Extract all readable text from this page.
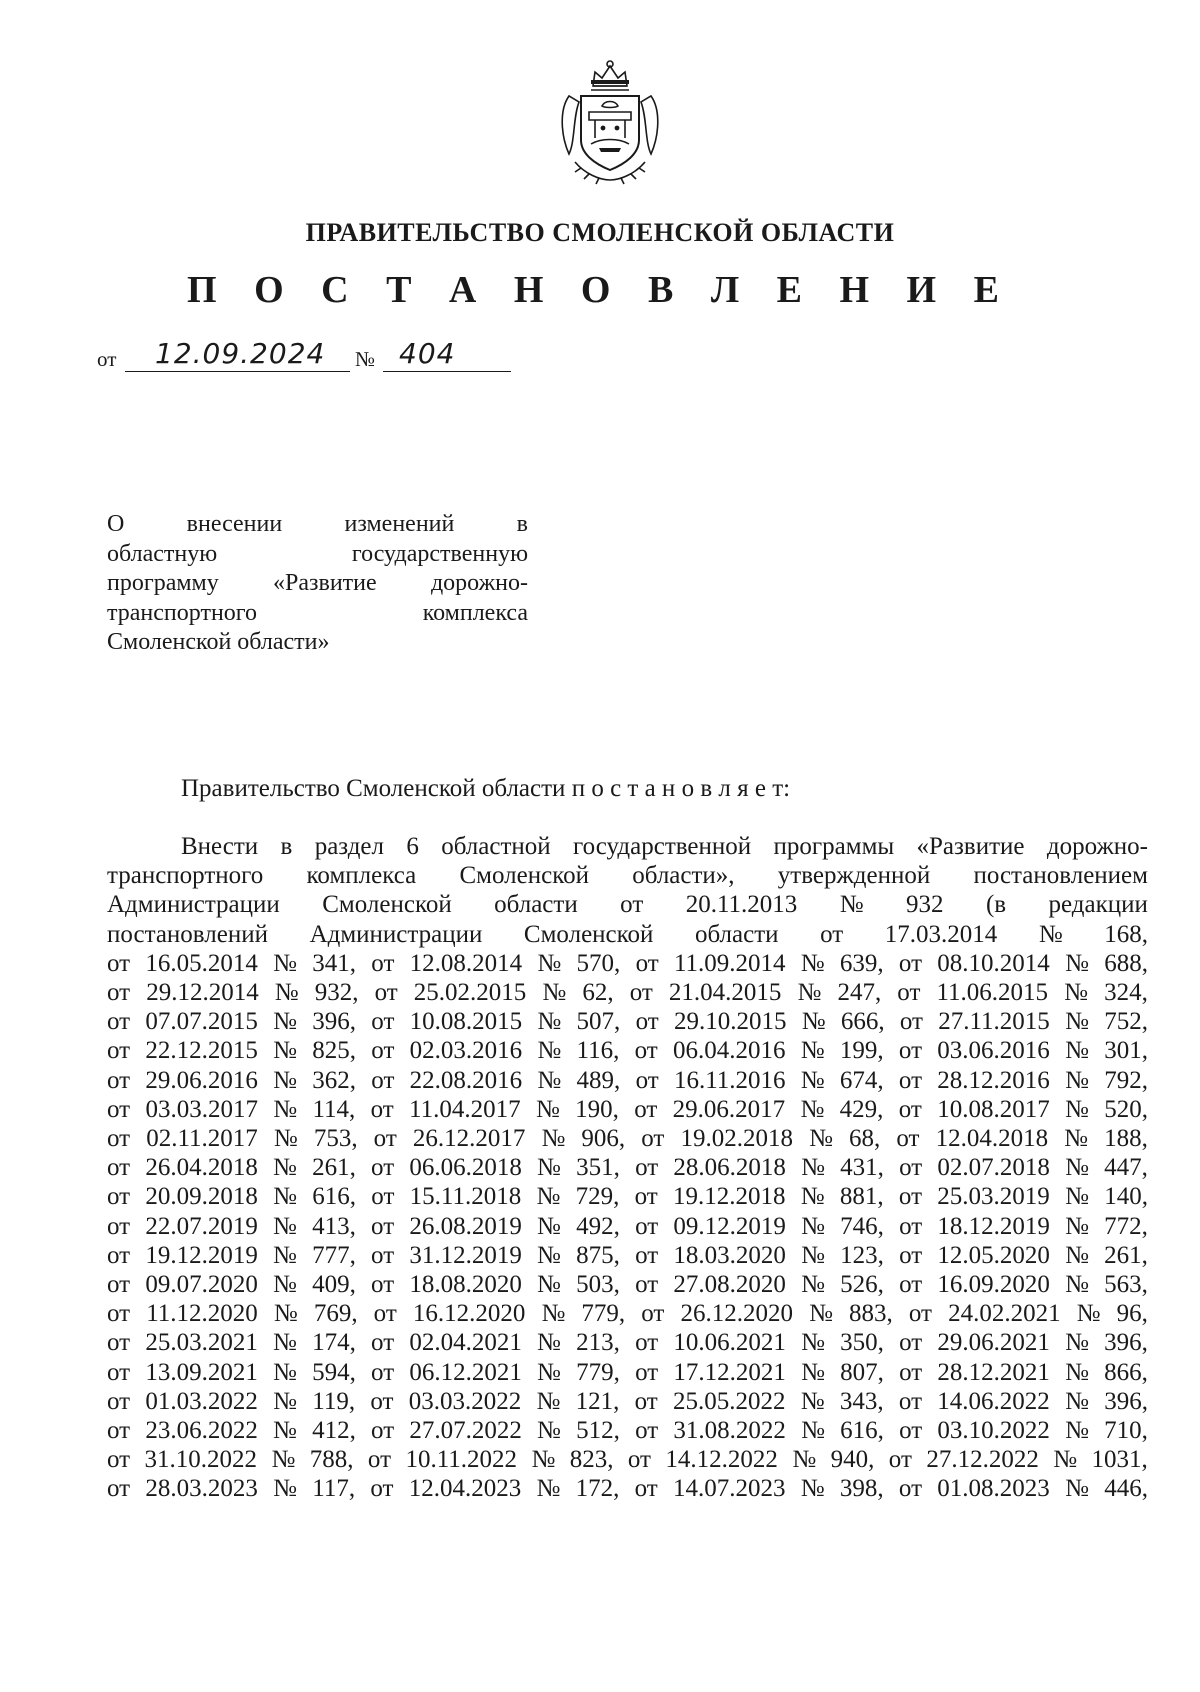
ПРАВИТЕЛЬСТВО СМОЛЕНСКОЙ ОБЛАСТИ
П О С Т А Н О В Л Е Н И Е
от 12.09.2024 № 404
О	внесении	изменений	в
областную	государственную
программу «Развитие дорожно-
транспортного	комплекса
Смоленской области»
Правительство Смоленской области п о с т а н о в л я е т:
Внести в раздел 6 областной государственной программы «Развитие дорожно-
транспортного комплекса Смоленской области», утвержденной постановлением
Администрации Смоленской области от 20.11.2013 № 932 (в редакции
постановлений Администрации Смоленской области от 17.03.2014 № 168,
от 16.05.2014 № 341, от 12.08.2014 № 570, от 11.09.2014 № 639, от 08.10.2014 № 688,
от 29.12.2014 № 932, от 25.02.2015 № 62, от 21.04.2015 № 247, от 11.06.2015 № 324,
от 07.07.2015 № 396, от 10.08.2015 № 507, от 29.10.2015 № 666, от 27.11.2015 № 752,
от 22.12.2015 № 825, от 02.03.2016 № 116, от 06.04.2016 № 199, от 03.06.2016 № 301,
от 29.06.2016 № 362, от 22.08.2016 № 489, от 16.11.2016 № 674, от 28.12.2016 № 792,
от 03.03.2017 № 114, от 11.04.2017 № 190, от 29.06.2017 № 429, от 10.08.2017 № 520,
от 02.11.2017 № 753, от 26.12.2017 № 906, от 19.02.2018 № 68, от 12.04.2018 № 188,
от 26.04.2018 № 261, от 06.06.2018 № 351, от 28.06.2018 № 431, от 02.07.2018 № 447,
от 20.09.2018 № 616, от 15.11.2018 № 729, от 19.12.2018 № 881, от 25.03.2019 № 140,
от 22.07.2019 № 413, от 26.08.2019 № 492, от 09.12.2019 № 746, от 18.12.2019 № 772,
от 19.12.2019 № 777, от 31.12.2019 № 875, от 18.03.2020 № 123, от 12.05.2020 № 261,
от 09.07.2020 № 409, от 18.08.2020 № 503, от 27.08.2020 № 526, от 16.09.2020 № 563,
от 11.12.2020 № 769, от 16.12.2020 № 779, от 26.12.2020 № 883, от 24.02.2021 № 96,
от 25.03.2021 № 174, от 02.04.2021 № 213, от 10.06.2021 № 350, от 29.06.2021 № 396,
от 13.09.2021 № 594, от 06.12.2021 № 779, от 17.12.2021 № 807, от 28.12.2021 № 866,
от 01.03.2022 № 119, от 03.03.2022 № 121, от 25.05.2022 № 343, от 14.06.2022 № 396,
от 23.06.2022 № 412, от 27.07.2022 № 512, от 31.08.2022 № 616, от 03.10.2022 № 710,
от 31.10.2022 № 788, от 10.11.2022 № 823, от 14.12.2022 № 940, от 27.12.2022 № 1031,
от 28.03.2023 № 117, от 12.04.2023 № 172, от 14.07.2023 № 398, от 01.08.2023 № 446,
